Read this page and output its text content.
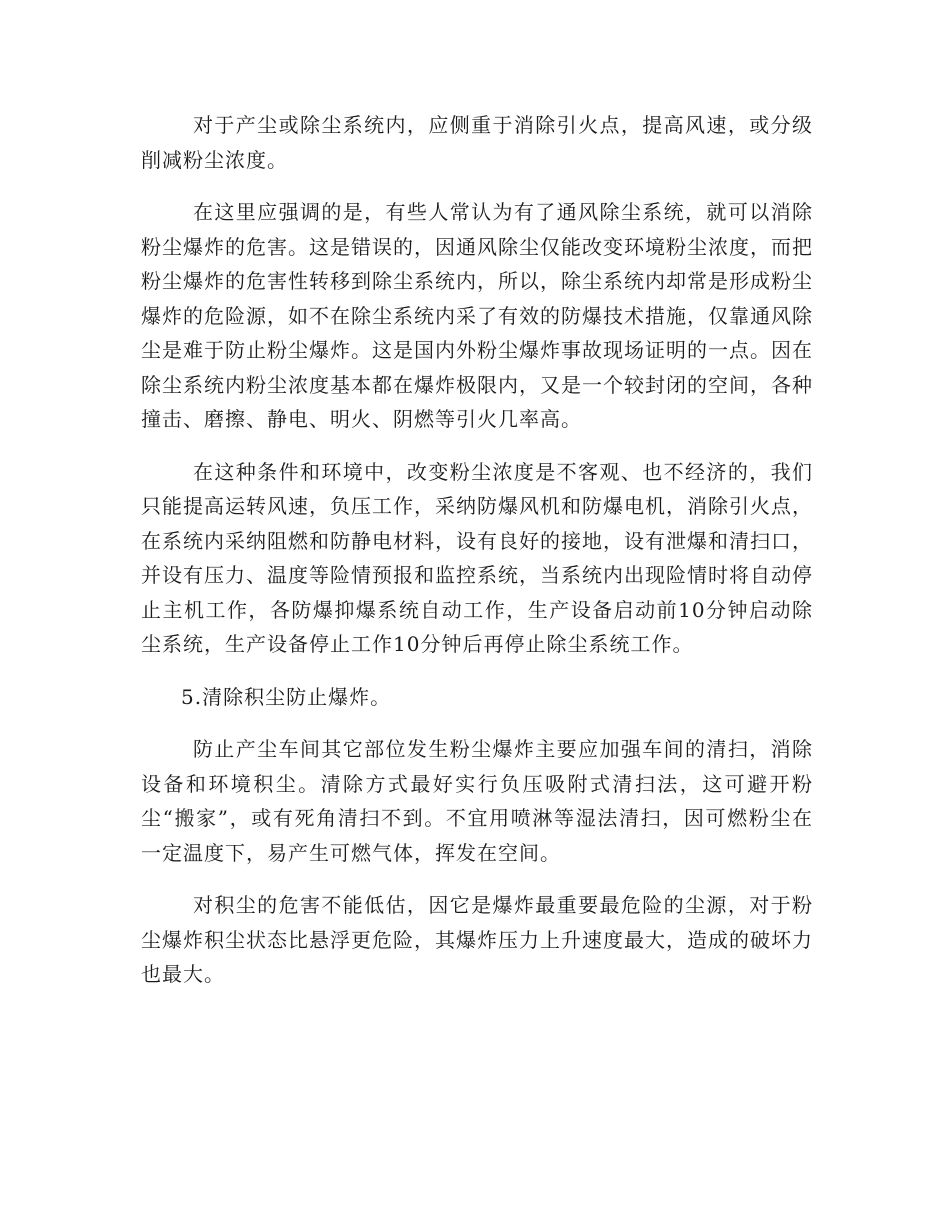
对于产尘或除尘系统内，应侧重于消除引火点，提高风速，或分级削减粉尘浓度。

在这里应强调的是，有些人常认为有了通风除尘系统，就可以消除粉尘爆炸的危害。这是错误的，因通风除尘仅能改变环境粉尘浓度，而把粉尘爆炸的危害性转移到除尘系统内，所以，除尘系统内却常是形成粉尘爆炸的危险源，如不在除尘系统内采了有效的防爆技术措施，仅靠通风除尘是难于防止粉尘爆炸。这是国内外粉尘爆炸事故现场证明的一点。因在除尘系统内粉尘浓度基本都在爆炸极限内，又是一个较封闭的空间，各种撞击、磨擦、静电、明火、阴燃等引火几率高。

在这种条件和环境中，改变粉尘浓度是不客观、也不经济的，我们只能提高运转风速，负压工作，采纳防爆风机和防爆电机，消除引火点，在系统内采纳阻燃和防静电材料，设有良好的接地，设有泄爆和清扫口，并设有压力、温度等险情预报和监控系统，当系统内出现险情时将自动停止主机工作，各防爆抑爆系统自动工作，生产设备启动前10分钟启动除尘系统，生产设备停止工作10分钟后再停止除尘系统工作。

5.清除积尘防止爆炸。

防止产尘车间其它部位发生粉尘爆炸主要应加强车间的清扫，消除设备和环境积尘。清除方式最好实行负压吸附式清扫法，这可避开粉尘“搬家”，或有死角清扫不到。不宜用喷淋等湿法清扫，因可燃粉尘在一定温度下，易产生可燃气体，挥发在空间。

对积尘的危害不能低估，因它是爆炸最重要最危险的尘源，对于粉尘爆炸积尘状态比悬浮更危险，其爆炸压力上升速度最大，造成的破坏力也最大。
